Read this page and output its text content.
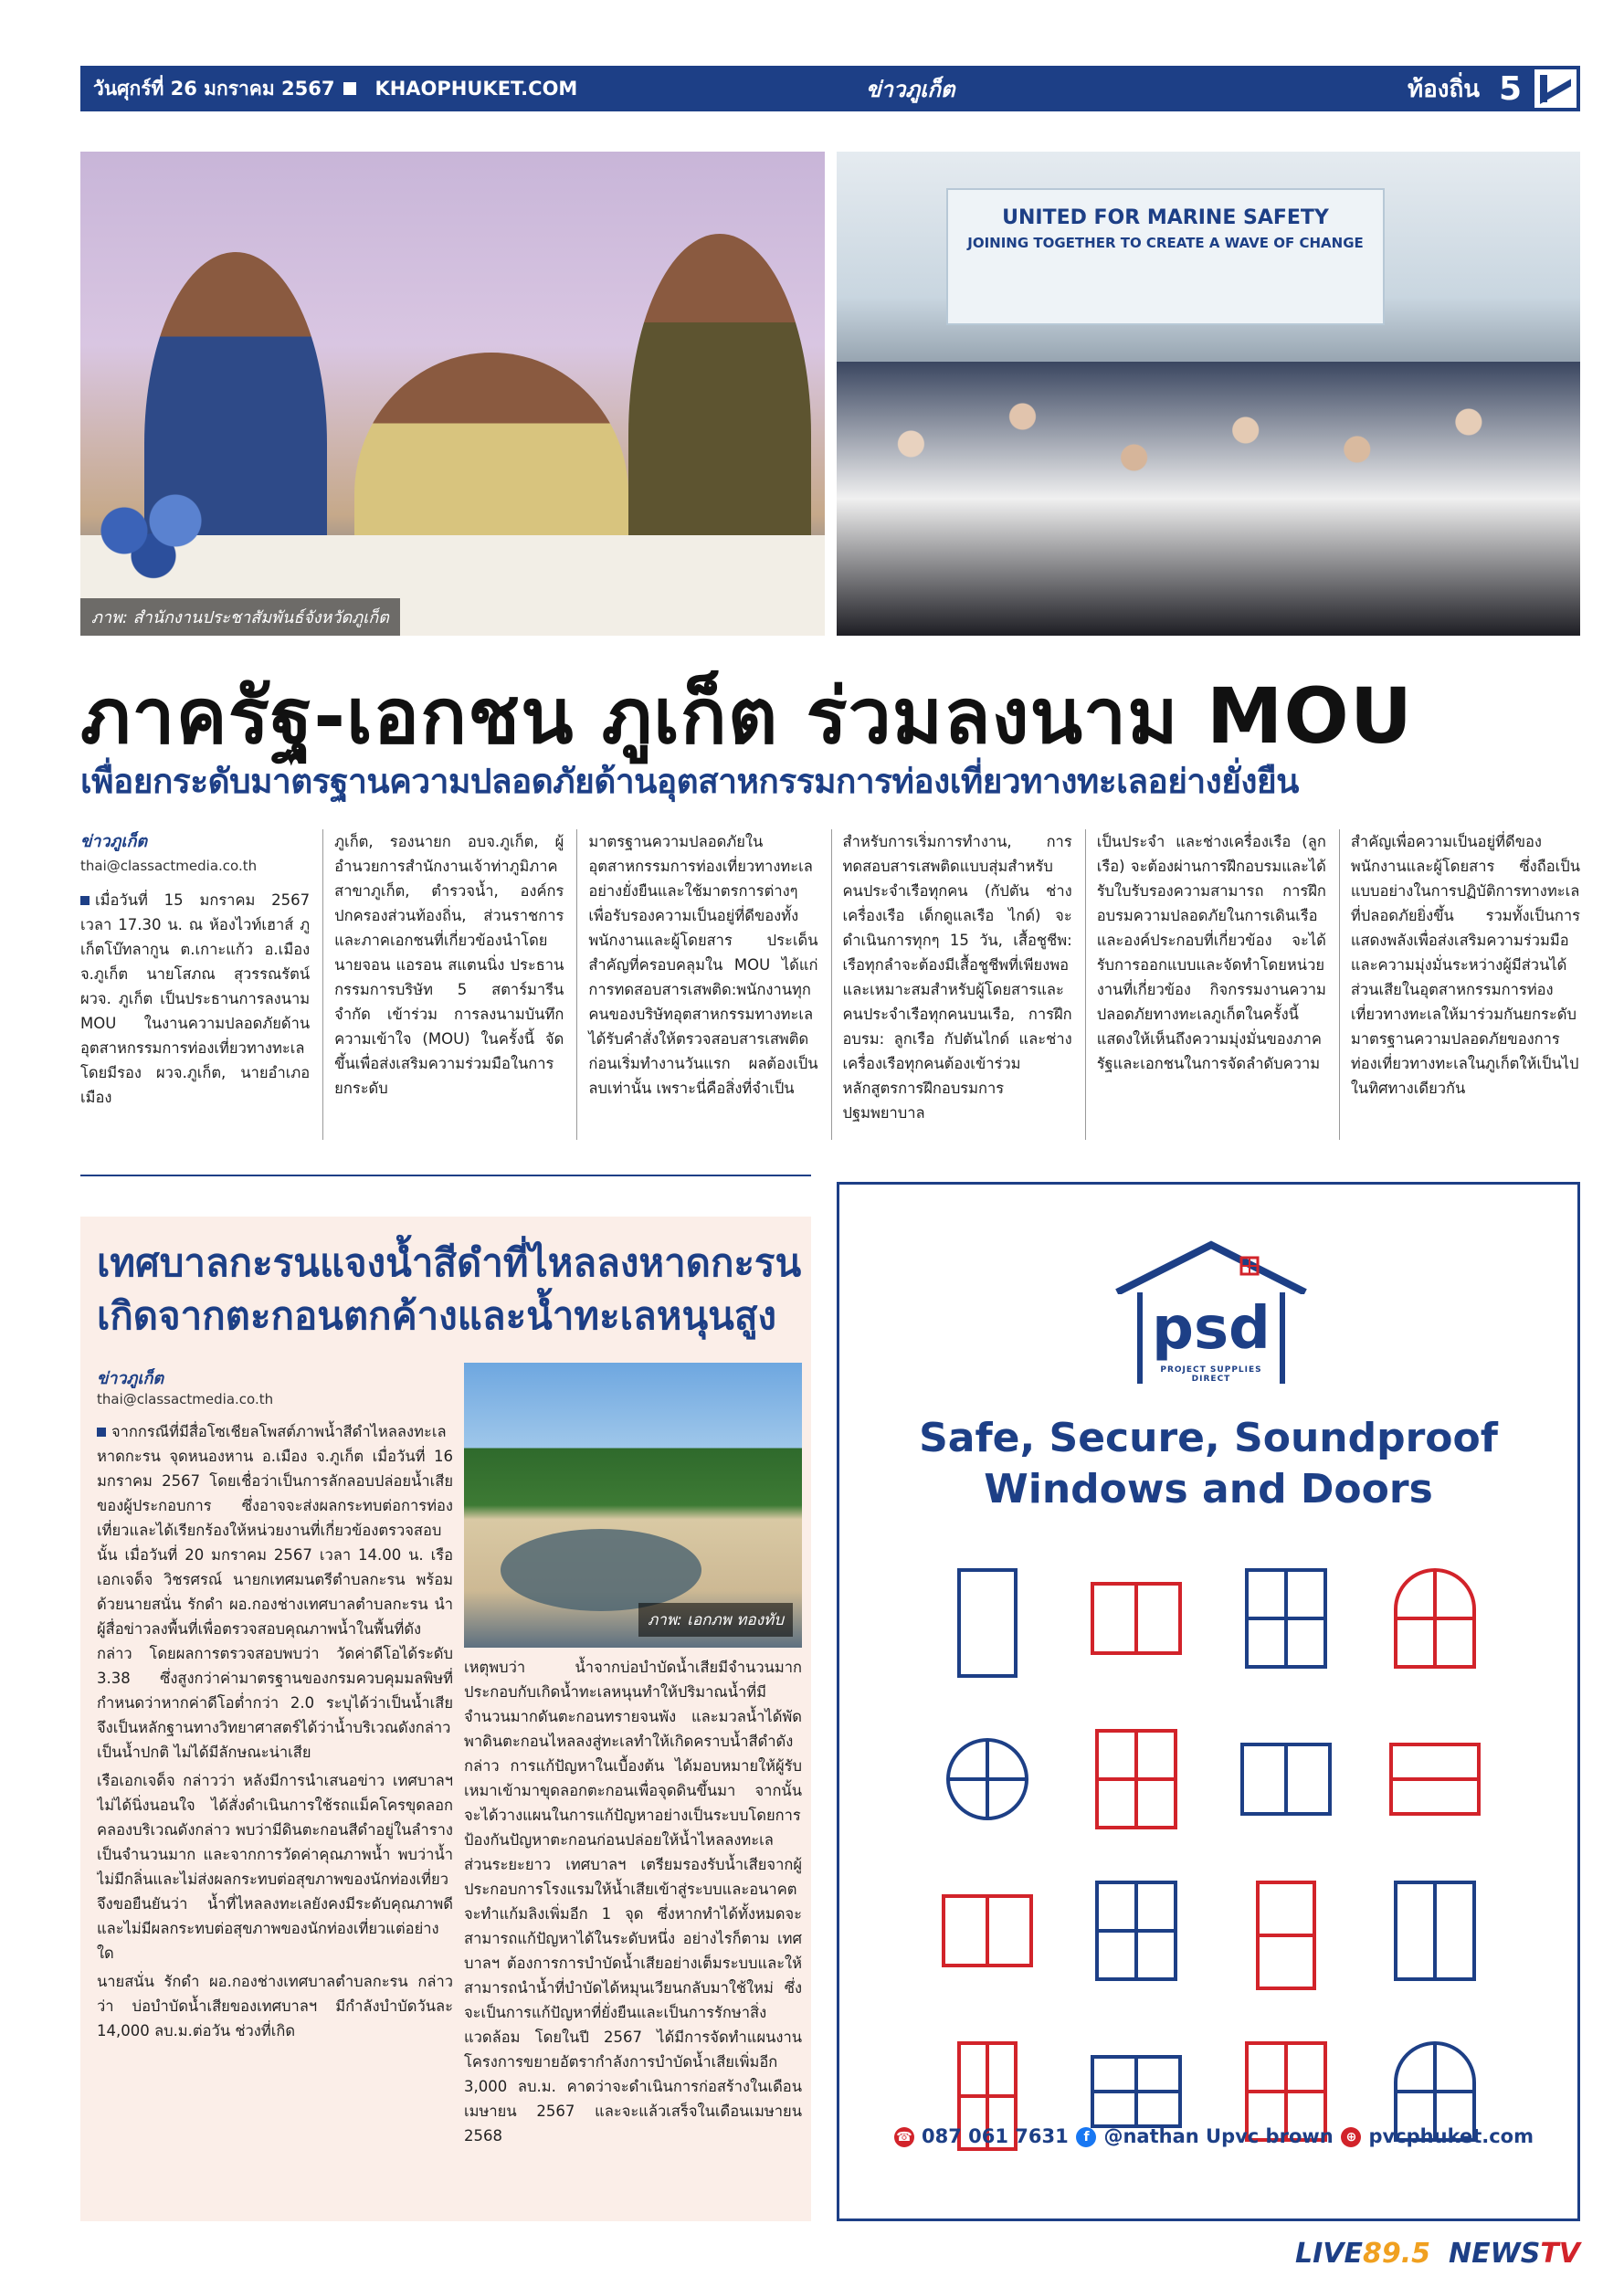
วันศุกร์ที่ 26 มกราคม 2567 KHAOPHUKET.COM	ข่าวภูเก็ต	ท้องถิ่น 5
ภาพ: สำนักงานประชาสัมพันธ์จังหวัดภูเก็ต
UNITED FOR MARINE SAFETY
JOINING TOGETHER TO CREATE A WAVE OF CHANGE
ภาครัฐ-เอกชน ภูเก็ต ร่วมลงนาม MOU
เพื่อยกระดับมาตรฐานความปลอดภัยด้านอุตสาหกรรมการท่องเที่ยวทางทะเลอย่างยั่งยืน
ข่าวภูเก็ต
thai@classactmedia.co.th
เมื่อวันที่ 15 มกราคม 2567 เวลา 17.30 น. ณ ห้องไวท์เฮาส์ ภูเก็ตโบ๊ทลากูน ต.เกาะแก้ว อ.เมือง จ.ภูเก็ต นายโสภณ สุวรรณรัตน์ ผวจ. ภูเก็ต เป็นประธานการลงนาม MOU ในงานความปลอดภัยด้านอุตสาหกรรมการท่องเที่ยวทางทะเล โดยมีรอง ผวจ.ภูเก็ต, นายอำเภอเมือง
ภูเก็ต, รองนายก อบจ.ภูเก็ต, ผู้อำนวยการสำนักงานเจ้าท่าภูมิภาคสาขาภูเก็ต, ตำรวจน้ำ, องค์กรปกครองส่วนท้องถิ่น, ส่วนราชการ และภาคเอกชนที่เกี่ยวข้องนำโดยนายจอน แอรอน สแตนนิ่ง ประธานกรรมการบริษัท 5 สตาร์มารีน จำกัด เข้าร่วม การลงนามบันทึกความเข้าใจ (MOU) ในครั้งนี้ จัดขึ้นเพื่อส่งเสริมความร่วมมือในการยกระดับ
มาตรฐานความปลอดภัยในอุตสาหกรรมการท่องเที่ยวทางทะเลอย่างยั่งยืนและใช้มาตรการต่างๆ เพื่อรับรองความเป็นอยู่ที่ดีของทั้งพนักงานและผู้โดยสาร ประเด็นสำคัญที่ครอบคลุมใน MOU ได้แก่ การทดสอบสารเสพติด:พนักงานทุกคนของบริษัทอุตสาหกรรมทางทะเลได้รับคำสั่งให้ตรวจสอบสารเสพติดก่อนเริ่มทำงานวันแรก ผลต้องเป็นลบเท่านั้น เพราะนี่คือสิ่งที่จำเป็น
สำหรับการเริ่มการทำงาน, การทดสอบสารเสพติดแบบสุ่มสำหรับคนประจำเรือทุกคน (กัปตัน ช่างเครื่องเรือ เด็กดูแลเรือ ไกด์) จะดำเนินการทุกๆ 15 วัน, เสื้อชูชีพ: เรือทุกลำจะต้องมีเสื้อชูชีพที่เพียงพอและเหมาะสมสำหรับผู้โดยสารและคนประจำเรือทุกคนบนเรือ, การฝึกอบรม: ลูกเรือ กัปตันไกด์ และช่างเครื่องเรือทุกคนต้องเข้าร่วมหลักสูตรการฝึกอบรมการปฐมพยาบาล
เป็นประจำ และช่างเครื่องเรือ (ลูกเรือ) จะต้องผ่านการฝึกอบรมและได้รับใบรับรองความสามารถ การฝึกอบรมความปลอดภัยในการเดินเรือและองค์ประกอบที่เกี่ยวข้อง จะได้รับการออกแบบและจัดทำโดยหน่วยงานที่เกี่ยวข้อง กิจกรรมงานความปลอดภัยทางทะเลภูเก็ตในครั้งนี้ แสดงให้เห็นถึงความมุ่งมั่นของภาครัฐและเอกชนในการจัดลำดับความ
สำคัญเพื่อความเป็นอยู่ที่ดีของพนักงานและผู้โดยสาร ซึ่งถือเป็นแบบอย่างในการปฏิบัติการทางทะเลที่ปลอดภัยยิ่งขึ้น รวมทั้งเป็นการแสดงพลังเพื่อส่งเสริมความร่วมมือและความมุ่งมั่นระหว่างผู้มีส่วนได้ส่วนเสียในอุตสาหกรรมการท่องเที่ยวทางทะเลให้มาร่วมกันยกระดับมาตรฐานความปลอดภัยของการท่องเที่ยวทางทะเลในภูเก็ตให้เป็นไปในทิศทางเดียวกัน
เทศบาลกะรนแจงน้ำสีดำที่ไหลลงหาดกะรน
เกิดจากตะกอนตกค้างและน้ำทะเลหนุนสูง
ข่าวภูเก็ต
thai@classactmedia.co.th

จากกรณีที่มีสื่อโซเชียลโพสต์ภาพน้ำสีดำไหลลงทะเลหาดกะรน จุดหนองหาน อ.เมือง จ.ภูเก็ต เมื่อวันที่ 16 มกราคม 2567 โดยเชื่อว่าเป็นการลักลอบปล่อยน้ำเสียของผู้ประกอบการ ซึ่งอาจจะส่งผลกระทบต่อการท่องเที่ยวและได้เรียกร้องให้หน่วยงานที่เกี่ยวข้องตรวจสอบ นั้น เมื่อวันที่ 20 มกราคม 2567 เวลา 14.00 น. เรือเอกเจด็จ วิชรศรณ์ นายกเทศมนตรีตำบลกะรน พร้อมด้วยนายสนั่น รักดำ ผอ.กองช่างเทศบาลตำบลกะรน นำผู้สื่อข่าวลงพื้นที่เพื่อตรวจสอบคุณภาพน้ำในพื้นที่ดังกล่าว โดยผลการตรวจสอบพบว่า วัดค่าดีโอได้ระดับ 3.38 ซึ่งสูงกว่าค่ามาตรฐานของกรมควบคุมมลพิษที่กำหนดว่าหากค่าดีโอต่ำกว่า 2.0 ระบุได้ว่าเป็นน้ำเสีย จึงเป็นหลักฐานทางวิทยาศาสตร์ได้ว่าน้ำบริเวณดังกล่าวเป็นน้ำปกติ ไม่ได้มีลักษณะน่าเสีย

เรือเอกเจด็จ กล่าวว่า หลังมีการนำเสนอข่าว เทศบาลฯ ไม่ได้นิ่งนอนใจ ได้สั่งดำเนินการใช้รถแม็คโครขุดลอกคลองบริเวณดังกล่าว พบว่ามีดินตะกอนสีดำอยู่ในลำรางเป็นจำนวนมาก และจากการวัดค่าคุณภาพน้ำ พบว่าน้ำไม่มีกลิ่นและไม่ส่งผลกระทบต่อสุขภาพของนักท่องเที่ยว จึงขอยืนยันว่า น้ำที่ไหลลงทะเลยังคงมีระดับคุณภาพดีและไม่มีผลกระทบต่อสุขภาพของนักท่องเที่ยวแต่อย่างใด

นายสนั่น รักดำ ผอ.กองช่างเทศบาลตำบลกะรน กล่าวว่า บ่อบำบัดน้ำเสียของเทศบาลฯ มีกำลังบำบัดวันละ 14,000 ลบ.ม.ต่อวัน ช่วงที่เกิด

ภาพ: เอกภพ ทองทับ
เหตุพบว่า น้ำจากบ่อบำบัดน้ำเสียมีจำนวนมาก ประกอบกับเกิดน้ำทะเลหนุนทำให้ปริมาณน้ำที่มีจำนวนมากดันตะกอนทรายจนพัง และมวลน้ำได้พัดพาดินตะกอนไหลลงสู่ทะเลทำให้เกิดคราบน้ำสีดำดังกล่าว การแก้ปัญหาในเบื้องต้น ได้มอบหมายให้ผู้รับเหมาเข้ามาขุดลอกตะกอนเพื่อจุดดินขึ้นมา จากนั้นจะได้วางแผนในการแก้ปัญหาอย่างเป็นระบบโดยการป้องกันปัญหาตะกอนก่อนปล่อยให้น้ำไหลลงทะเล ส่วนระยะยาว เทศบาลฯ เตรียมรองรับน้ำเสียจากผู้ประกอบการโรงแรมให้น้ำเสียเข้าสู่ระบบและอนาคตจะทำแก้มลิงเพิ่มอีก 1 จุด ซึ่งหากทำได้ทั้งหมดจะสามารถแก้ปัญหาได้ในระดับหนึ่ง อย่างไรก็ตาม เทศบาลฯ ต้องการการบำบัดน้ำเสียอย่างเต็มระบบและให้สามารถนำน้ำที่บำบัดได้หมุนเวียนกลับมาใช้ใหม่ ซึ่งจะเป็นการแก้ปัญหาที่ยั่งยืนและเป็นการรักษาสิ่งแวดล้อม โดยในปี 2567 ได้มีการจัดทำแผนงานโครงการขยายอัตรากำลังการบำบัดน้ำเสียเพิ่มอีก 3,000 ลบ.ม. คาดว่าจะดำเนินการก่อสร้างในเดือนเมษายน 2567 และจะแล้วเสร็จในเดือนเมษายน 2568
psd
PROJECT SUPPLIES DIRECT
Safe, Secure, Soundproof
Windows and Doors
☎ 087 061 7631	f @nathan Upvc brown ⊕ pvcphuket.com
LIVE89.5 NEWSTV
